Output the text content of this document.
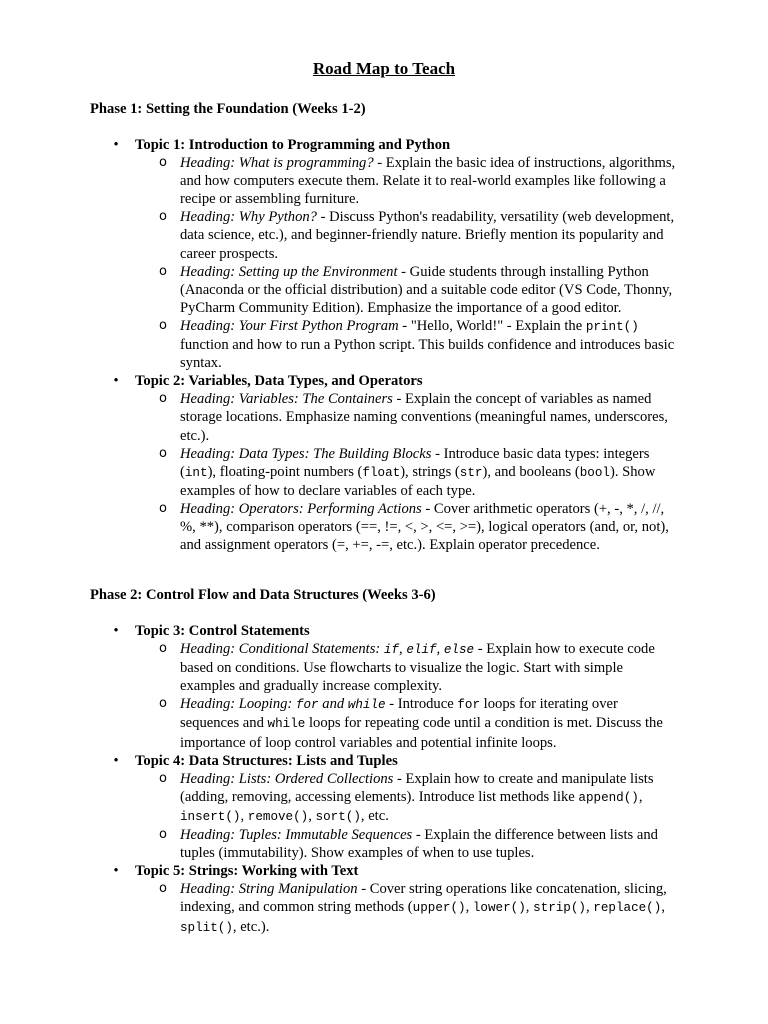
Road Map to Teach
Phase 1: Setting the Foundation (Weeks 1-2)
• Topic 1: Introduction to Programming and Python
o Heading: What is programming? - Explain the basic idea of instructions, algorithms, and how computers execute them. Relate it to real-world examples like following a recipe or assembling furniture.
o Heading: Why Python? - Discuss Python's readability, versatility (web development, data science, etc.), and beginner-friendly nature. Briefly mention its popularity and career prospects.
o Heading: Setting up the Environment - Guide students through installing Python (Anaconda or the official distribution) and a suitable code editor (VS Code, Thonny, PyCharm Community Edition). Emphasize the importance of a good editor.
o Heading: Your First Python Program - "Hello, World!" - Explain the print() function and how to run a Python script. This builds confidence and introduces basic syntax.
• Topic 2: Variables, Data Types, and Operators
o Heading: Variables: The Containers - Explain the concept of variables as named storage locations. Emphasize naming conventions (meaningful names, underscores, etc.).
o Heading: Data Types: The Building Blocks - Introduce basic data types: integers (int), floating-point numbers (float), strings (str), and booleans (bool). Show examples of how to declare variables of each type.
o Heading: Operators: Performing Actions - Cover arithmetic operators (+, -, *, /, //, %, **), comparison operators (==, !=, <, >, <=, >=), logical operators (and, or, not), and assignment operators (=, +=, -=, etc.). Explain operator precedence.
Phase 2: Control Flow and Data Structures (Weeks 3-6)
• Topic 3: Control Statements
o Heading: Conditional Statements: if, elif, else - Explain how to execute code based on conditions. Use flowcharts to visualize the logic. Start with simple examples and gradually increase complexity.
o Heading: Looping: for and while - Introduce for loops for iterating over sequences and while loops for repeating code until a condition is met. Discuss the importance of loop control variables and potential infinite loops.
• Topic 4: Data Structures: Lists and Tuples
o Heading: Lists: Ordered Collections - Explain how to create and manipulate lists (adding, removing, accessing elements). Introduce list methods like append(), insert(), remove(), sort(), etc.
o Heading: Tuples: Immutable Sequences - Explain the difference between lists and tuples (immutability). Show examples of when to use tuples.
• Topic 5: Strings: Working with Text
o Heading: String Manipulation - Cover string operations like concatenation, slicing, indexing, and common string methods (upper(), lower(), strip(), replace(), split(), etc.).
